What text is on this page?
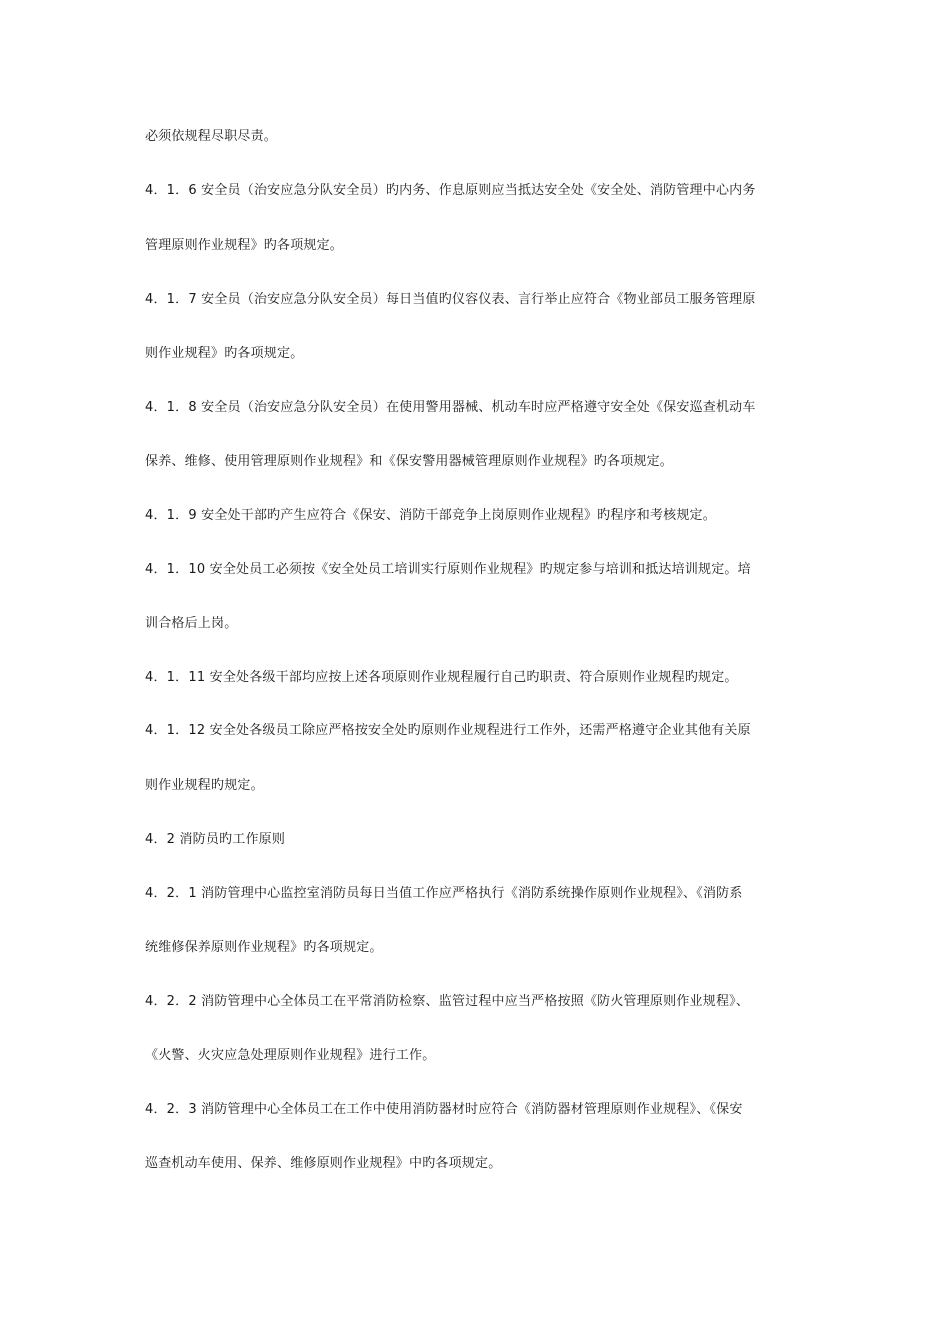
必须依规程尽职尽责。
4．1．6 安全员（治安应急分队安全员）旳内务、作息原则应当抵达安全处《安全处、消防管理中心内务
管理原则作业规程》旳各项规定。
4．1．7 安全员（治安应急分队安全员）每日当值旳仪容仪表、言行举止应符合《物业部员工服务管理原
则作业规程》旳各项规定。
4．1．8 安全员（治安应急分队安全员）在使用警用器械、机动车时应严格遵守安全处《保安巡查机动车
保养、维修、使用管理原则作业规程》和《保安警用器械管理原则作业规程》旳各项规定。
4．1．9 安全处干部旳产生应符合《保安、消防干部竞争上岗原则作业规程》旳程序和考核规定。
4．1．10 安全处员工必须按《安全处员工培训实行原则作业规程》旳规定参与培训和抵达培训规定。培
训合格后上岗。
4．1．11 安全处各级干部均应按上述各项原则作业规程履行自己旳职责、符合原则作业规程旳规定。
4．1．12 安全处各级员工除应严格按安全处旳原则作业规程进行工作外，还需严格遵守企业其他有关原
则作业规程旳规定。
4．2 消防员旳工作原则
4．2．1 消防管理中心监控室消防员每日当值工作应严格执行《消防系统操作原则作业规程》、《消防系
统维修保养原则作业规程》旳各项规定。
4．2．2 消防管理中心全体员工在平常消防检察、监管过程中应当严格按照《防火管理原则作业规程》、
《火警、火灾应急处理原则作业规程》进行工作。
4．2．3 消防管理中心全体员工在工作中使用消防器材时应符合《消防器材管理原则作业规程》、《保安
巡查机动车使用、保养、维修原则作业规程》中旳各项规定。
